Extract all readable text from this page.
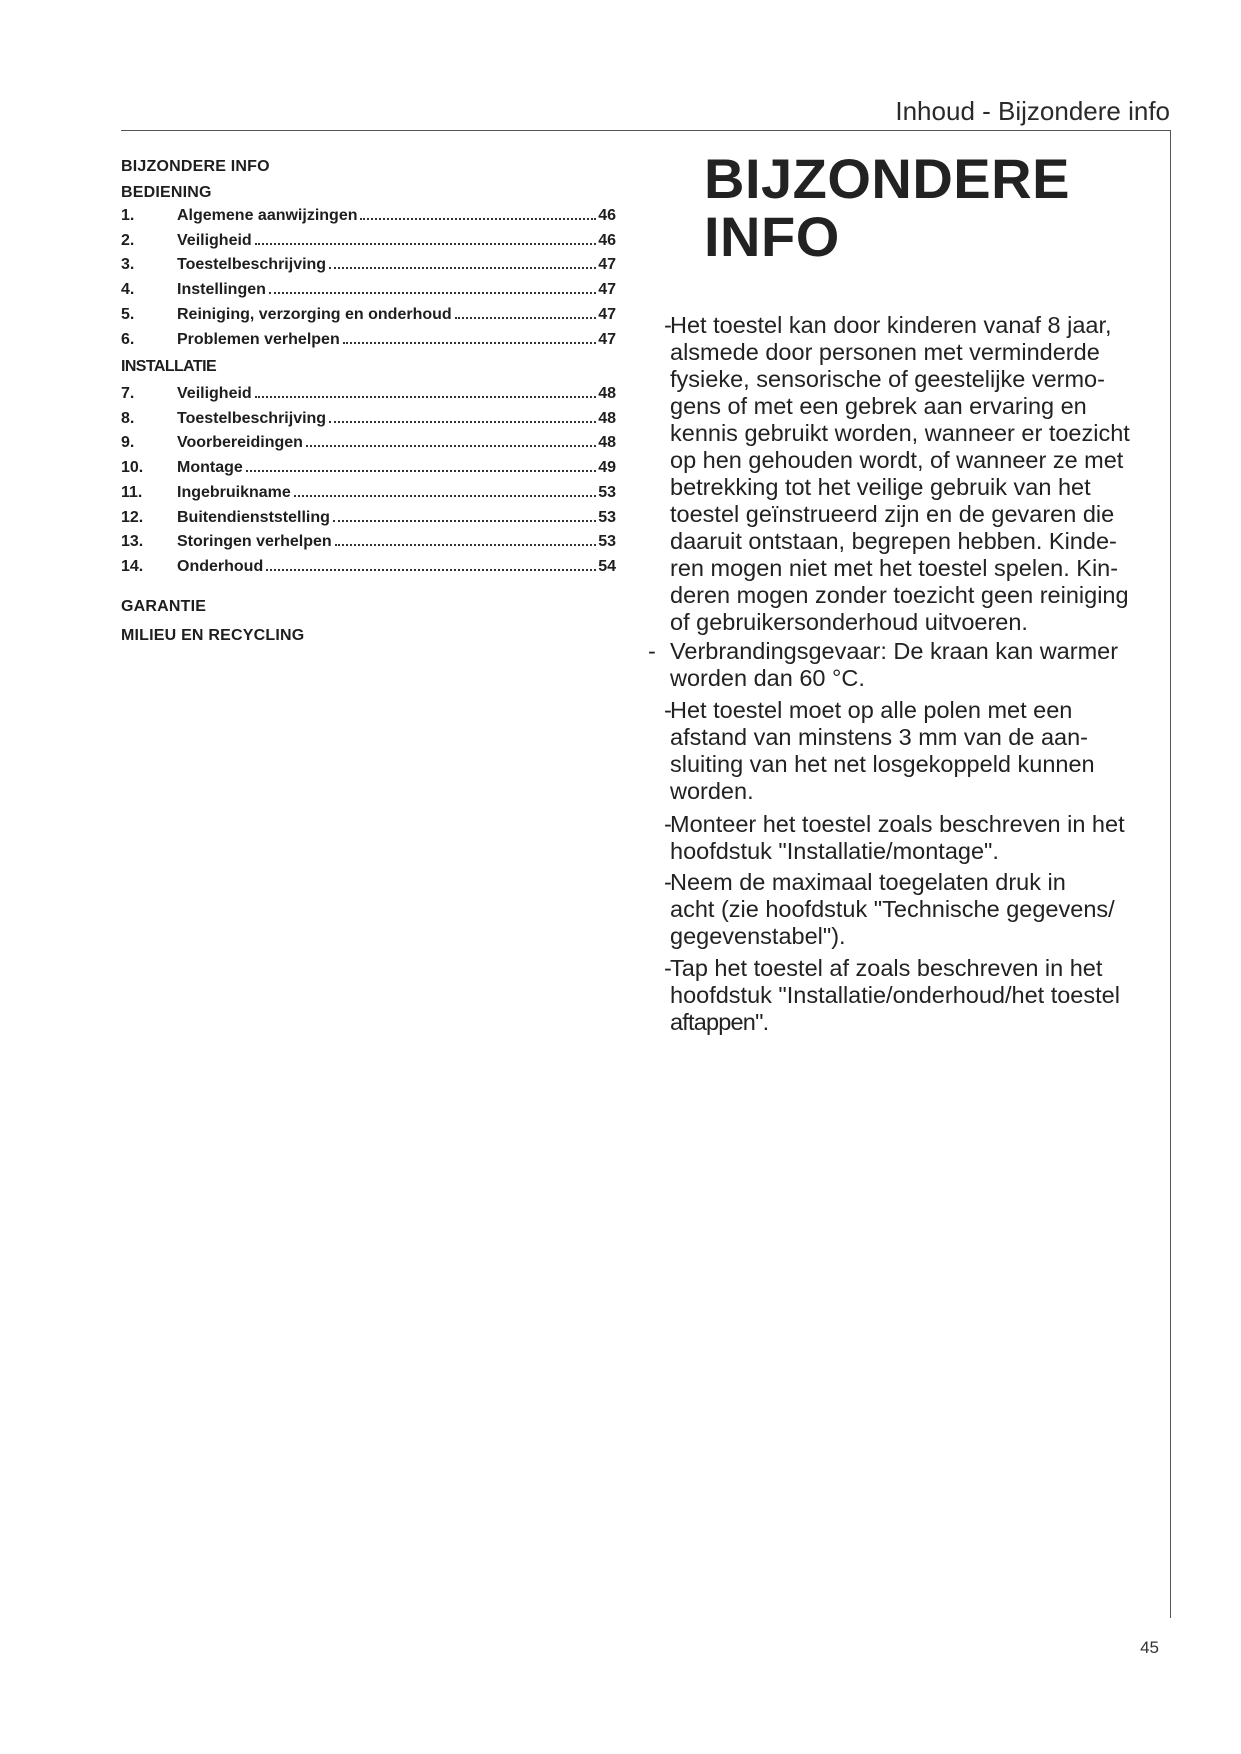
Inhoud - Bijzondere info
BIJZONDERE INFO
BEDIENING
1.	Algemene aanwijzingen	46
2.	Veiligheid	46
3.	Toestelbeschrijving	47
4.	Instellingen	47
5.	Reiniging, verzorging en onderhoud	47
6.	Problemen verhelpen	47
INSTALLATIE
7.	Veiligheid	48
8.	Toestelbeschrijving	48
9.	Voorbereidingen	48
10.	Montage	49
11.	Ingebruikname	53
12.	Buitendienststelling	53
13.	Storingen verhelpen	53
14.	Onderhoud	54
GARANTIE
MILIEU EN RECYCLING
BIJZONDERE
INFO
-

Het toestel kan door kinderen vanaf 8 jaar,

alsmede door personen met verminderde

fysieke, sensorische of geestelijke vermo-

gens of met een gebrek aan ervaring en

kennis gebruikt worden, wanneer er toezicht

op hen gehouden wordt, of wanneer ze met

betrekking tot het veilige gebruik van het

toestel geïnstrueerd zijn en de gevaren die

daaruit ontstaan, begrepen hebben. Kinde-

ren mogen niet met het toestel spelen. Kin-

deren mogen zonder toezicht geen reiniging

of gebruikersonderhoud uitvoeren.

- Verbrandingsgevaar: De kraan kan warmer

worden dan 60 °C.

-

Het toestel moet op alle polen met een

afstand van minstens 3 mm van de aan-

sluiting van het net losgekoppeld kunnen

worden.

-

Monteer het toestel zoals beschreven in het

hoofdstuk "Installatie/montage".

-

Neem de maximaal toegelaten druk in

acht (zie hoofdstuk "Technische gegevens/

gegevenstabel").

-

Tap het toestel af zoals beschreven in het

hoofdstuk "Installatie/onderhoud/het toestel

aftappen".

45
